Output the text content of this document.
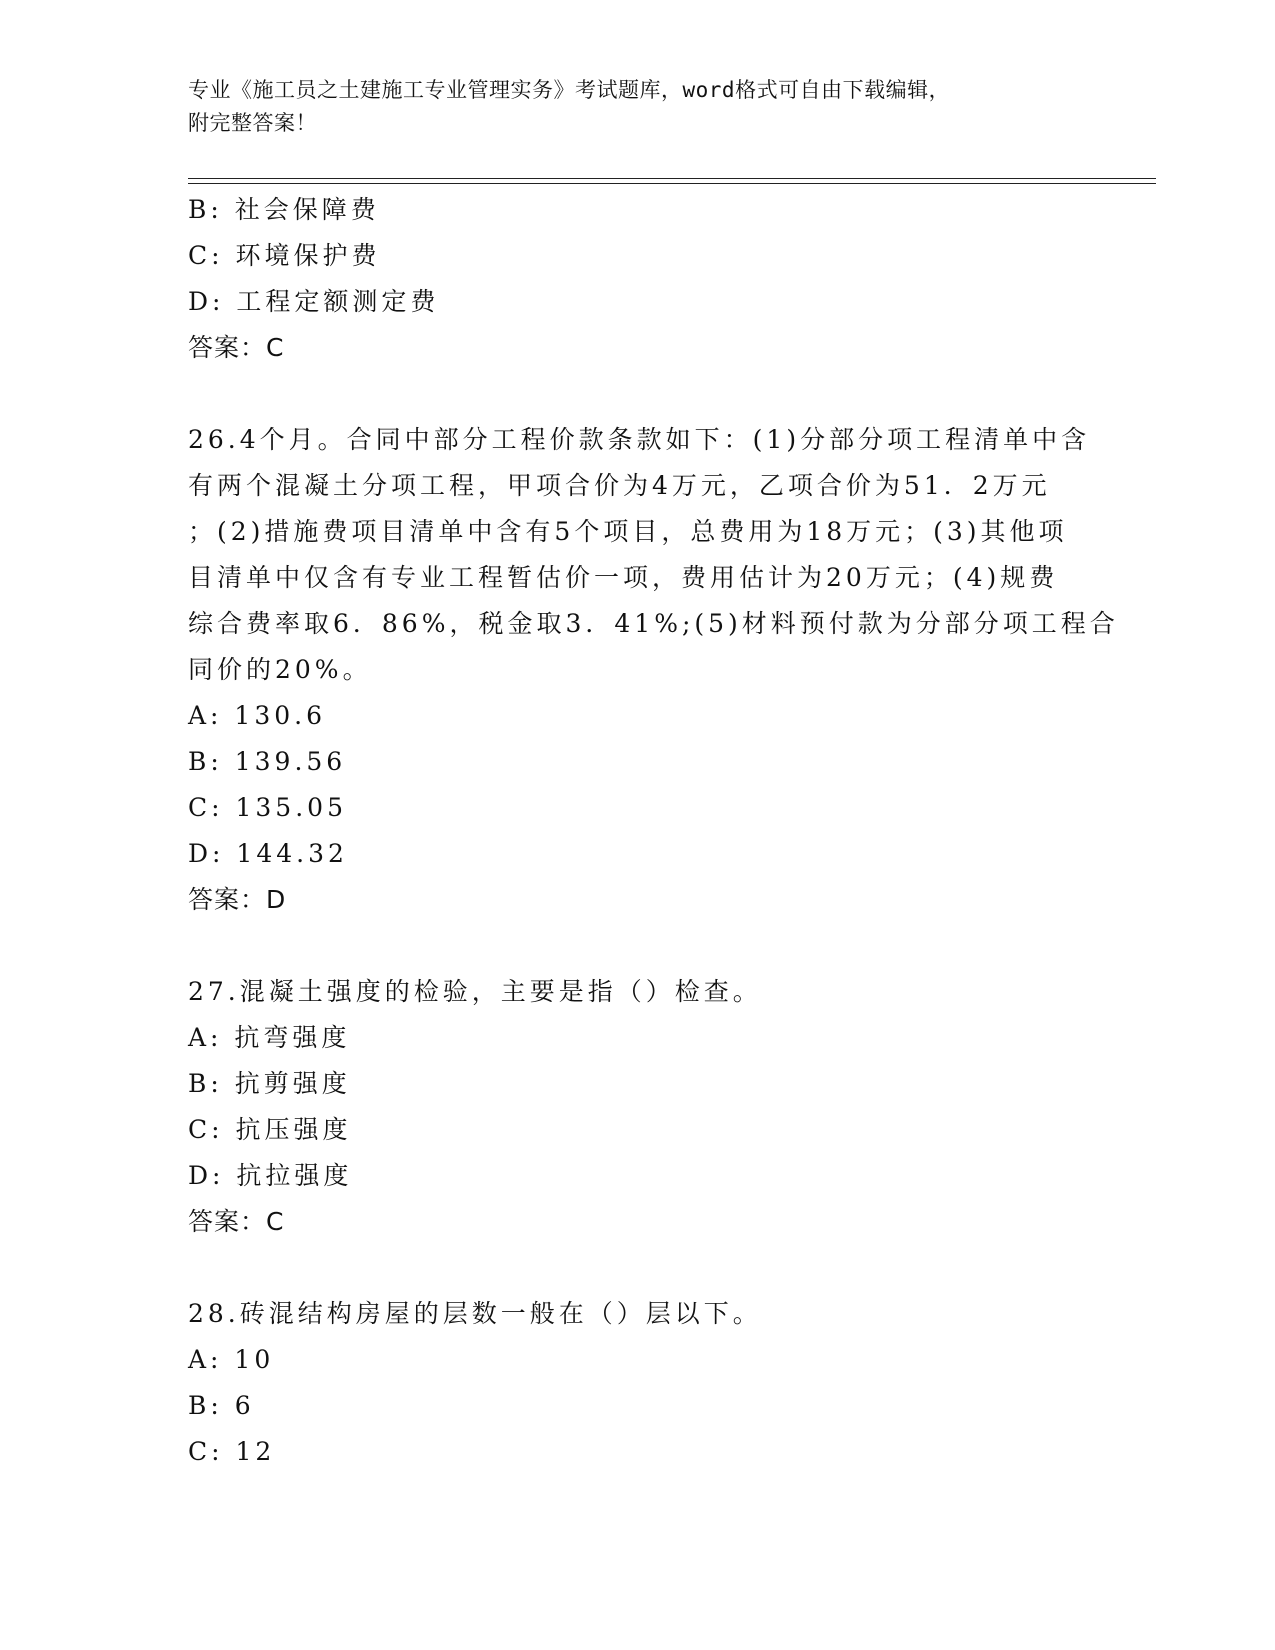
专业《施工员之土建施工专业管理实务》考试题库，word格式可自由下载编辑，
附完整答案！
B: 社会保障费
C: 环境保护费
D: 工程定额测定费
答案：C
26.4个月。合同中部分工程价款条款如下：(1)分部分项工程清单中含
有两个混凝土分项工程，甲项合价为4万元，乙项合价为51．2万元
；(2)措施费项目清单中含有5个项目，总费用为18万元；(3)其他项
目清单中仅含有专业工程暂估价一项，费用估计为20万元；(4)规费
综合费率取6．86%，税金取3．41%;(5)材料预付款为分部分项工程合
同价的20%。
A: 130.6
B: 139.56
C: 135.05
D: 144.32
答案：D
27.混凝土强度的检验，主要是指（）检查。
A: 抗弯强度
B: 抗剪强度
C: 抗压强度
D: 抗拉强度
答案：C
28.砖混结构房屋的层数一般在（）层以下。
A: 10
B: 6
C: 12
